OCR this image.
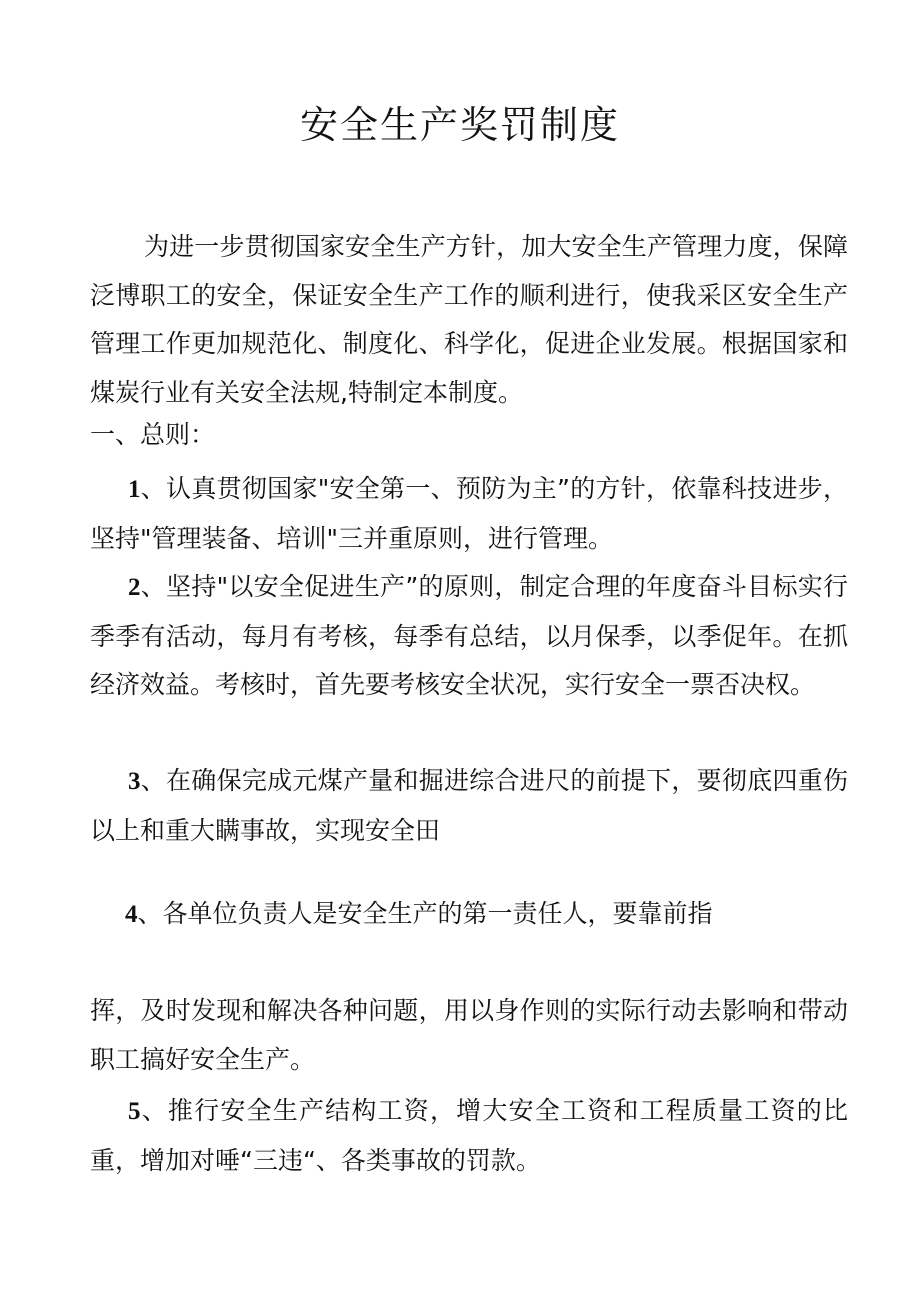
安全生产奖罚制度
为进一步贯彻国家安全生产方针，加大安全生产管理力度，保障泛博职工的安全，保证安全生产工作的顺利进行，使我采区安全生产管理工作更加规范化、制度化、科学化，促进企业发展。根据国家和煤炭行业有关安全法规,特制定本制度。
一、总则：
1、认真贯彻国家"安全第一、预防为主”的方针，依靠科技进步，坚持"管理装备、培训"三并重原则，进行管理。
2、坚持"以安全促进生产”的原则，制定合理的年度奋斗目标实行季季有活动，每月有考核，每季有总结，以月保季，以季促年。在抓经济效益。考核时，首先要考核安全状况，实行安全一票否决权。
3、在确保完成元煤产量和掘进综合进尺的前提下，要彻底四重伤以上和重大瞒事故，实现安全田
4、各单位负责人是安全生产的第一责任人，要靠前指
挥，及时发现和解决各种问题，用以身作则的实际行动去影响和带动职工搞好安全生产。
5、推行安全生产结构工资，增大安全工资和工程质量工资的比重，增加对唾“三违“、各类事故的罚款。
